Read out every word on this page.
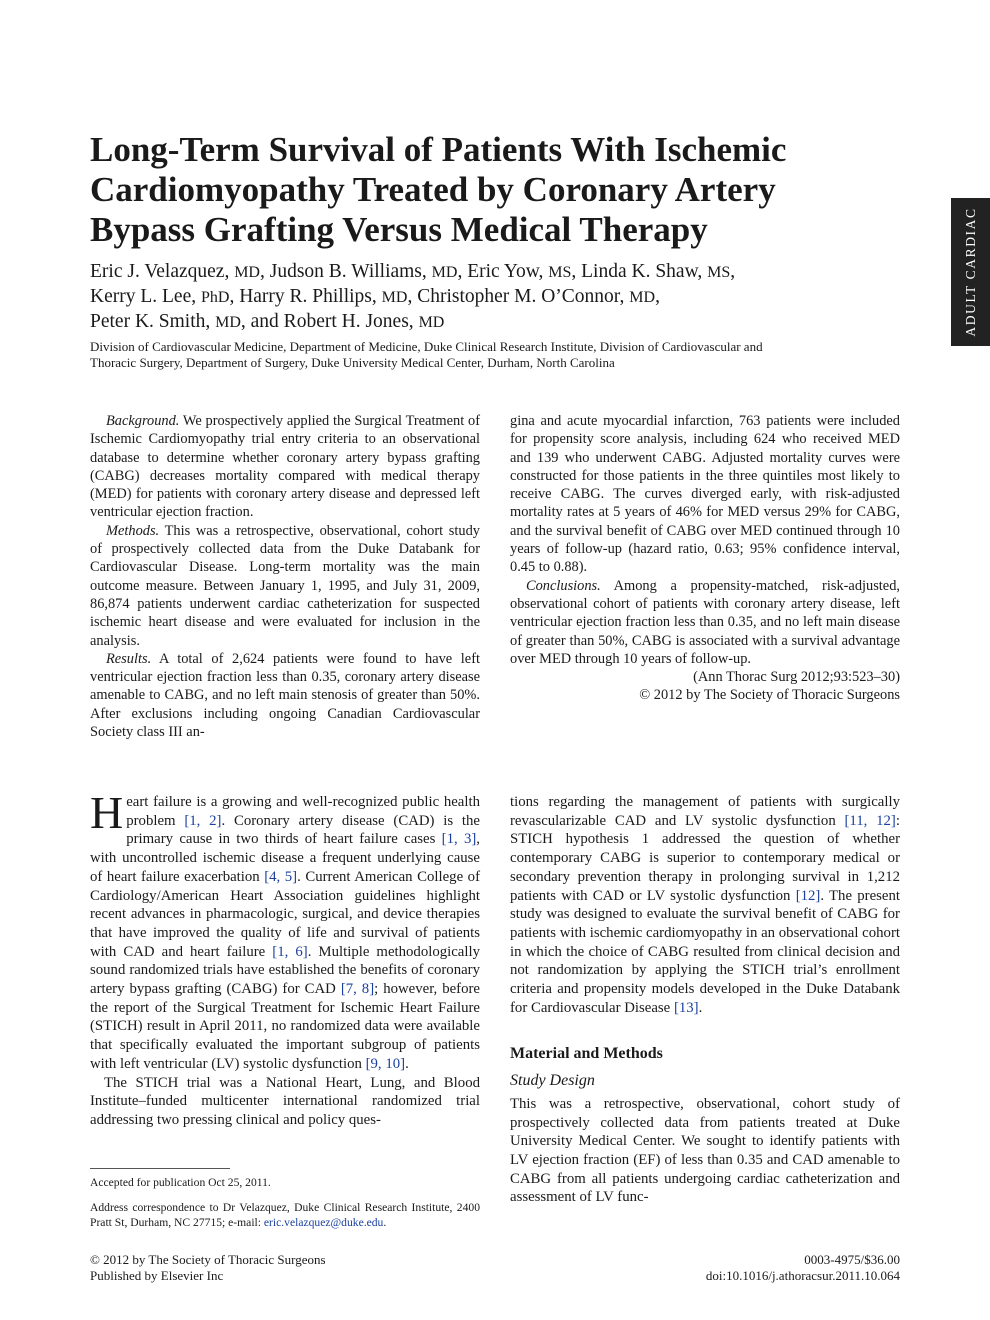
Long-Term Survival of Patients With Ischemic
Cardiomyopathy Treated by Coronary Artery
Bypass Grafting Versus Medical Therapy
Eric J. Velazquez, MD, Judson B. Williams, MD, Eric Yow, MS, Linda K. Shaw, MS,
Kerry L. Lee, PhD, Harry R. Phillips, MD, Christopher M. O’Connor, MD,
Peter K. Smith, MD, and Robert H. Jones, MD
Division of Cardiovascular Medicine, Department of Medicine, Duke Clinical Research Institute, Division of Cardiovascular and
Thoracic Surgery, Department of Surgery, Duke University Medical Center, Durham, North Carolina
ADULT CARDIAC

Background. We prospectively applied the Surgical Treatment of Ischemic Cardiomyopathy trial entry criteria to an observational database to determine whether coronary artery bypass grafting (CABG) decreases mortality compared with medical therapy (MED) for patients with coronary artery disease and depressed left ventricular ejection fraction.

Methods. This was a retrospective, observational, cohort study of prospectively collected data from the Duke Databank for Cardiovascular Disease. Long-term mortality was the main outcome measure. Between January 1, 1995, and July 31, 2009, 86,874 patients underwent cardiac catheterization for suspected ischemic heart disease and were evaluated for inclusion in the analysis.

Results. A total of 2,624 patients were found to have left ventricular ejection fraction less than 0.35, coronary artery disease amenable to CABG, and no left main stenosis of greater than 50%. After exclusions including ongoing Canadian Cardiovascular Society class III an-

gina and acute myocardial infarction, 763 patients were included for propensity score analysis, including 624 who received MED and 139 who underwent CABG. Adjusted mortality curves were constructed for those patients in the three quintiles most likely to receive CABG. The curves diverged early, with risk-adjusted mortality rates at 5 years of 46% for MED versus 29% for CABG, and the survival benefit of CABG over MED continued through 10 years of follow-up (hazard ratio, 0.63; 95% confidence interval, 0.45 to 0.88).

Conclusions. Among a propensity-matched, risk-adjusted, observational cohort of patients with coronary artery disease, left ventricular ejection fraction less than 0.35, and no left main disease of greater than 50%, CABG is associated with a survival advantage over MED through 10 years of follow-up.

(Ann Thorac Surg 2012;93:523–30)
© 2012 by The Society of Thoracic Surgeons

Heart failure is a growing and well-recognized public health problem [1, 2]. Coronary artery disease (CAD) is the primary cause in two thirds of heart failure cases [1, 3], with uncontrolled ischemic disease a frequent underlying cause of heart failure exacerbation [4, 5]. Current American College of Cardiology/American Heart Association guidelines highlight recent advances in pharmacologic, surgical, and device therapies that have improved the quality of life and survival of patients with CAD and heart failure [1, 6]. Multiple methodologically sound randomized trials have established the benefits of coronary artery bypass grafting (CABG) for CAD [7, 8]; however, before the report of the Surgical Treatment for Ischemic Heart Failure (STICH) result in April 2011, no randomized data were available that specifically evaluated the important subgroup of patients with left ventricular (LV) systolic dysfunction [9, 10].

The STICH trial was a National Heart, Lung, and Blood Institute–funded multicenter international randomized trial addressing two pressing clinical and policy ques-

tions regarding the management of patients with surgically revascularizable CAD and LV systolic dysfunction [11, 12]: STICH hypothesis 1 addressed the question of whether contemporary CABG is superior to contemporary medical or secondary prevention therapy in prolonging survival in 1,212 patients with CAD or LV systolic dysfunction [12]. The present study was designed to evaluate the survival benefit of CABG for patients with ischemic cardiomyopathy in an observational cohort in which the choice of CABG resulted from clinical decision and not randomization by applying the STICH trial’s enrollment criteria and propensity models developed in the Duke Databank for Cardiovascular Disease [13].

Material and Methods
Study Design

This was a retrospective, observational, cohort study of prospectively collected data from patients treated at Duke University Medical Center. We sought to identify patients with LV ejection fraction (EF) of less than 0.35 and CAD amenable to CABG from all patients undergoing cardiac catheterization and assessment of LV func-

Accepted for publication Oct 25, 2011.

Address correspondence to Dr Velazquez, Duke Clinical Research Institute, 2400 Pratt St, Durham, NC 27715; e-mail: eric.velazquez@duke.edu.

© 2012 by The Society of Thoracic Surgeons
Published by Elsevier Inc
0003-4975/$36.00
doi:10.1016/j.athoracsur.2011.10.064
